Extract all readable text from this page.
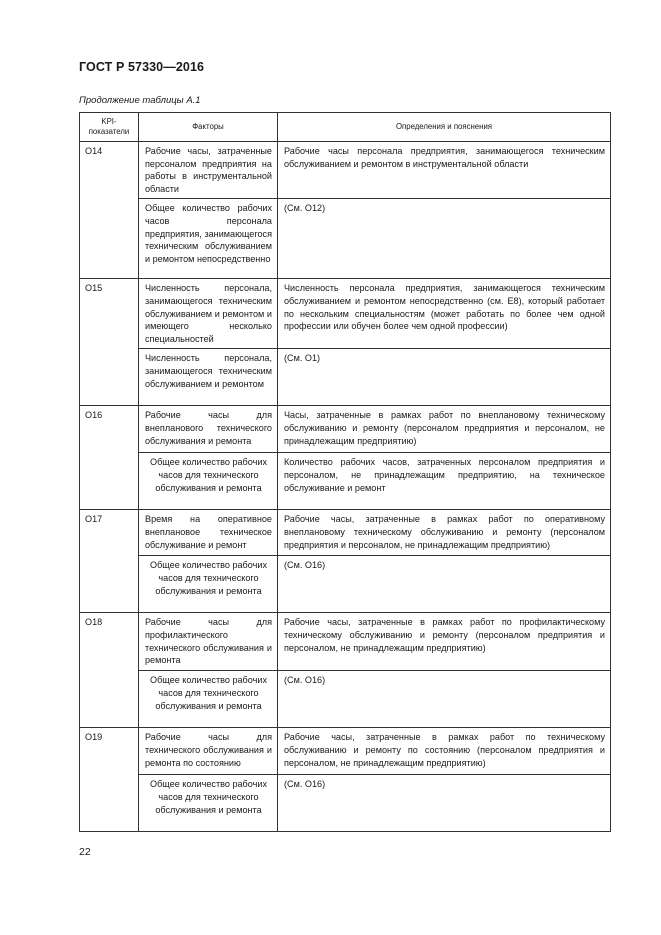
ГОСТ Р 57330—2016
Продолжение таблицы А.1
KPI-показатели	Факторы	Определения и пояснения
O14	Рабочие часы, затраченные персоналом предприятия на работы в инструментальной области	Рабочие часы персонала предприятия, занимающегося техническим обслуживанием и ремонтом в инструментальной области
	Общее количество рабочих часов персонала предприятия, занимающегося техническим обслуживанием и ремонтом непосредственно	(См. О12)
O15	Численность персонала, занимающегося техническим обслуживанием и ремонтом и имеющего несколько специальностей	Численность персонала предприятия, занимающегося техническим обслуживанием и ремонтом непосредственно (см. Е8), который работает по нескольким специальностям (может работать по более чем одной профессии или обучен более чем одной профессии)
	Численность персонала, занимающегося техническим обслуживанием и ремонтом	(См. О1)
O16	Рабочие часы для внепланового технического обслуживания и ремонта	Часы, затраченные в рамках работ по внеплановому техническому обслуживанию и ремонту (персоналом предприятия и персоналом, не принадлежащим предприятию)
	Общее количество рабочих часов для технического обслуживания и ремонта	Количество рабочих часов, затраченных персоналом предприятия и персоналом, не принадлежащим предприятию, на техническое обслуживание и ремонт
O17	Время на оперативное внеплановое техническое обслуживание и ремонт	Рабочие часы, затраченные в рамках работ по оперативному внеплановому техническому обслуживанию и ремонту (персоналом предприятия и персоналом, не принадлежащим предприятию)
	Общее количество рабочих часов для технического обслуживания и ремонта	(См. О16)
O18	Рабочие часы для профилактического технического обслуживания и ремонта	Рабочие часы, затраченные в рамках работ по профилактическому техническому обслуживанию и ремонту (персоналом предприятия и персоналом, не принадлежащим предприятию)
	Общее количество рабочих часов для технического обслуживания и ремонта	(См. О16)
O19	Рабочие часы для технического обслуживания и ремонта по состоянию	Рабочие часы, затраченные в рамках работ по техническому обслуживанию и ремонту по состоянию (персоналом предприятия и персоналом, не принадлежащим предприятию)
	Общее количество рабочих часов для технического обслуживания и ремонта	(См. О16)
22
